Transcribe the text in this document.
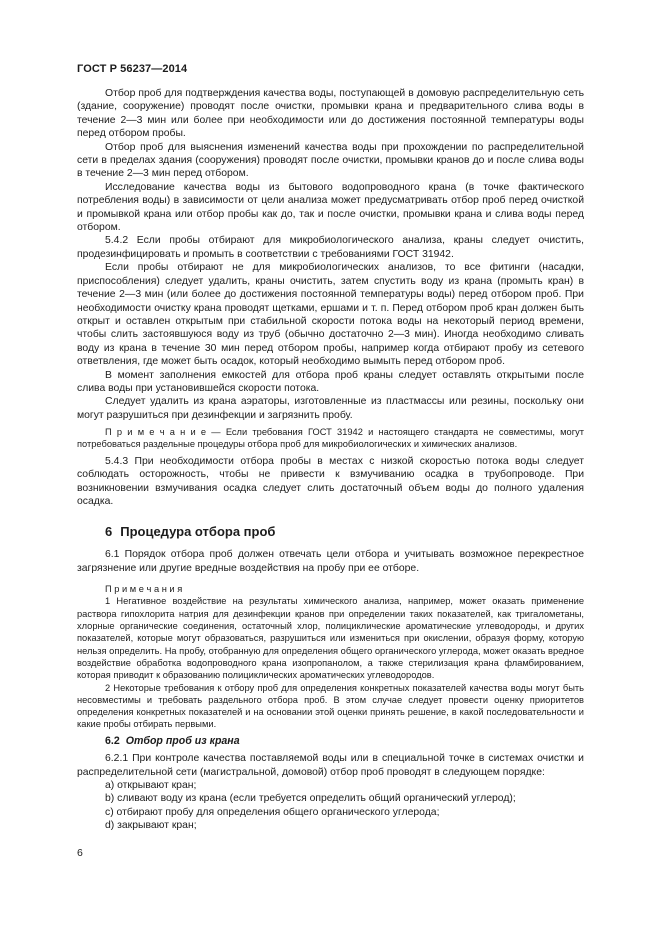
ГОСТ Р 56237—2014

Отбор проб для подтверждения качества воды, поступающей в домовую распределительную сеть (здание, сооружение) проводят после очистки, промывки крана и предварительного слива воды в течение 2—3 мин или более при необходимости или до достижения постоянной температуры воды перед отбором пробы.

Отбор проб для выяснения изменений качества воды при прохождении по распределительной сети в пределах здания (сооружения) проводят после очистки, промывки кранов до и после слива воды в течение 2—3 мин перед отбором.

Исследование качества воды из бытового водопроводного крана (в точке фактического потребления воды) в зависимости от цели анализа может предусматривать отбор проб перед очисткой и промывкой крана или отбор пробы как до, так и после очистки, промывки крана и слива воды перед отбором.

5.4.2 Если пробы отбирают для микробиологического анализа, краны следует очистить, продезинфицировать и промыть в соответствии с требованиями ГОСТ 31942.

Если пробы отбирают не для микробиологических анализов, то все фитинги (насадки, приспособления) следует удалить, краны очистить, затем спустить воду из крана (промыть кран) в течение 2—3 мин (или более до достижения постоянной температуры воды) перед отбором проб. При необходимости очистку крана проводят щетками, ершами и т. п. Перед отбором проб кран должен быть открыт и оставлен открытым при стабильной скорости потока воды на некоторый период времени, чтобы слить застоявшуюся воду из труб (обычно достаточно 2—3 мин). Иногда необходимо сливать воду из крана в течение 30 мин перед отбором пробы, например когда отбирают пробу из сетевого ответвления, где может быть осадок, который необходимо вымыть перед отбором проб.

В момент заполнения емкостей для отбора проб краны следует оставлять открытыми после слива воды при установившейся скорости потока.

Следует удалить из крана аэраторы, изготовленные из пластмассы или резины, поскольку они могут разрушиться при дезинфекции и загрязнить пробу.

П р и м е ч а н и е — Если требования ГОСТ 31942 и настоящего стандарта не совместимы, могут потребоваться раздельные процедуры отбора проб для микробиологических и химических анализов.

5.4.3 При необходимости отбора пробы в местах с низкой скоростью потока воды следует соблюдать осторожность, чтобы не привести к взмучиванию осадка в трубопроводе. При возникновении взмучивания осадка следует слить достаточный объем воды до полного удаления осадка.

6 Процедура отбора проб

6.1 Порядок отбора проб должен отвечать цели отбора и учитывать возможное перекрестное загрязнение или другие вредные воздействия на пробу при ее отборе.

П р и м е ч а н и я

1 Негативное воздействие на результаты химического анализа, например, может оказать применение раствора гипохлорита натрия для дезинфекции кранов при определении таких показателей, как тригалометаны, хлорные органические соединения, остаточный хлор, полициклические ароматические углеводороды, и других показателей, которые могут образоваться, разрушиться или измениться при окислении, образуя форму, которую нельзя определить. На пробу, отобранную для определения общего органического углерода, может оказать вредное воздействие обработка водопроводного крана изопропанолом, а также стерилизация крана фламбированием, которая приводит к образованию полициклических ароматических углеводородов.

2 Некоторые требования к отбору проб для определения конкретных показателей качества воды могут быть несовместимы и требовать раздельного отбора проб. В этом случае следует провести оценку приоритетов определения конкретных показателей и на основании этой оценки принять решение, в какой последовательности и какие пробы отбирать первыми.

6.2 Отбор проб из крана

6.2.1 При контроле качества поставляемой воды или в специальной точке в системах очистки и распределительной сети (магистральной, домовой) отбор проб проводят в следующем порядке:

a) открывают кран;

b) сливают воду из крана (если требуется определить общий органический углерод);

c) отбирают пробу для определения общего органического углерода;

d) закрывают кран;

6
